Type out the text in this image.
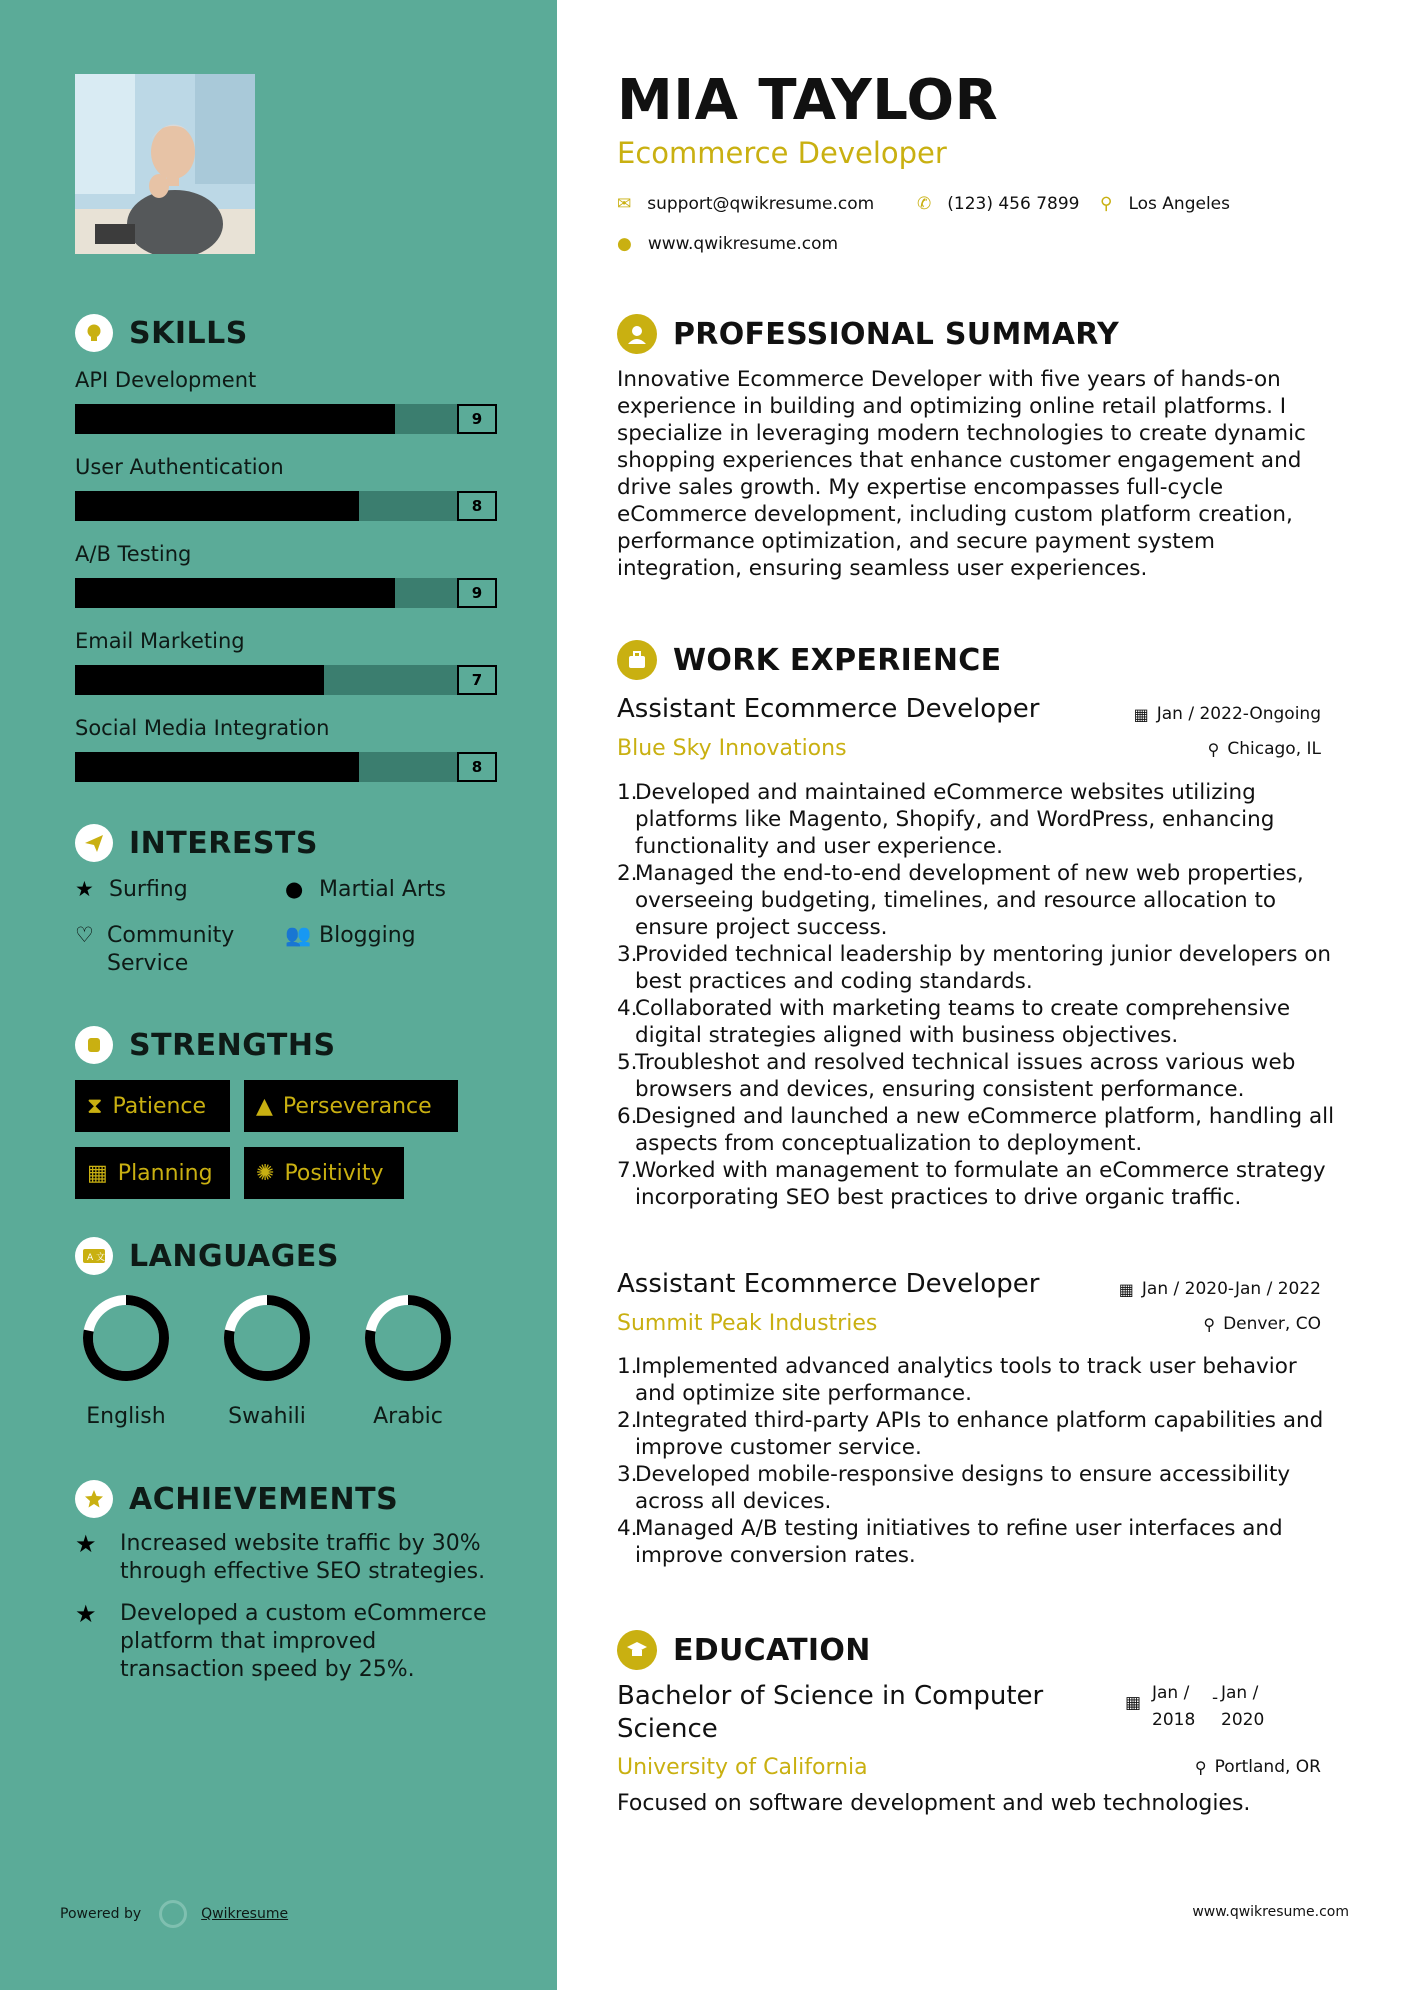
SKILLS
API Development
9
User Authentication
8
A/B Testing
9
Email Marketing
7
Social Media Integration
8
INTERESTS
★ Surfing	● Martial Arts
♡ Community
Service
👥 Blogging
STRENGTHS
⧗ Patience ▲ Perseverance
▦ Planning ✺ Positivity
A 文 LANGUAGES
English	Swahili	Arabic
ACHIEVEMENTS
★	Increased website traffic by 30% through effective SEO strategies.
★	Developed a custom eCommerce platform that improved transaction speed by 25%.
Powered by	Qwikresume
MIA TAYLOR
Ecommerce Developer
✉ support@qwikresume.com	✆ (123) 456 7899 ⚲ Los Angeles
● www.qwikresume.com
PROFESSIONAL SUMMARY
Innovative Ecommerce Developer with five years of hands-on experience in building and optimizing online retail platforms. I specialize in leveraging modern technologies to create dynamic shopping experiences that enhance customer engagement and drive sales growth. My expertise encompasses full-cycle eCommerce development, including custom platform creation, performance optimization, and secure payment system integration, ensuring seamless user experiences.
WORK EXPERIENCE
Assistant Ecommerce Developer	▦ Jan / 2022-Ongoing
Blue Sky Innovations	⚲ Chicago, IL
1.
Developed and maintained eCommerce websites utilizing platforms like Magento, Shopify, and WordPress, enhancing functionality and user experience.
2.
Managed the end-to-end development of new web properties, overseeing budgeting, timelines, and resource allocation to ensure project success.
3.
Provided technical leadership by mentoring junior developers on best practices and coding standards.
4.
Collaborated with marketing teams to create comprehensive digital strategies aligned with business objectives.
5.
Troubleshot and resolved technical issues across various web browsers and devices, ensuring consistent performance.
6.
Designed and launched a new eCommerce platform, handling all aspects from conceptualization to deployment.
7.
Worked with management to formulate an eCommerce strategy incorporating SEO best practices to drive organic traffic.
Assistant Ecommerce Developer	▦ Jan / 2020-Jan / 2022
Summit Peak Industries	⚲ Denver, CO
1.
Implemented advanced analytics tools to track user behavior and optimize site performance.
2.
Integrated third-party APIs to enhance platform capabilities and improve customer service.
3.
Developed mobile-responsive designs to ensure accessibility across all devices.
4.
Managed A/B testing initiatives to refine user interfaces and improve conversion rates.
EDUCATION
Bachelor of Science in Computer Science
▦ Jan /
2018
- Jan /
2020
University of California	⚲ Portland, OR
Focused on software development and web technologies.
www.qwikresume.com
